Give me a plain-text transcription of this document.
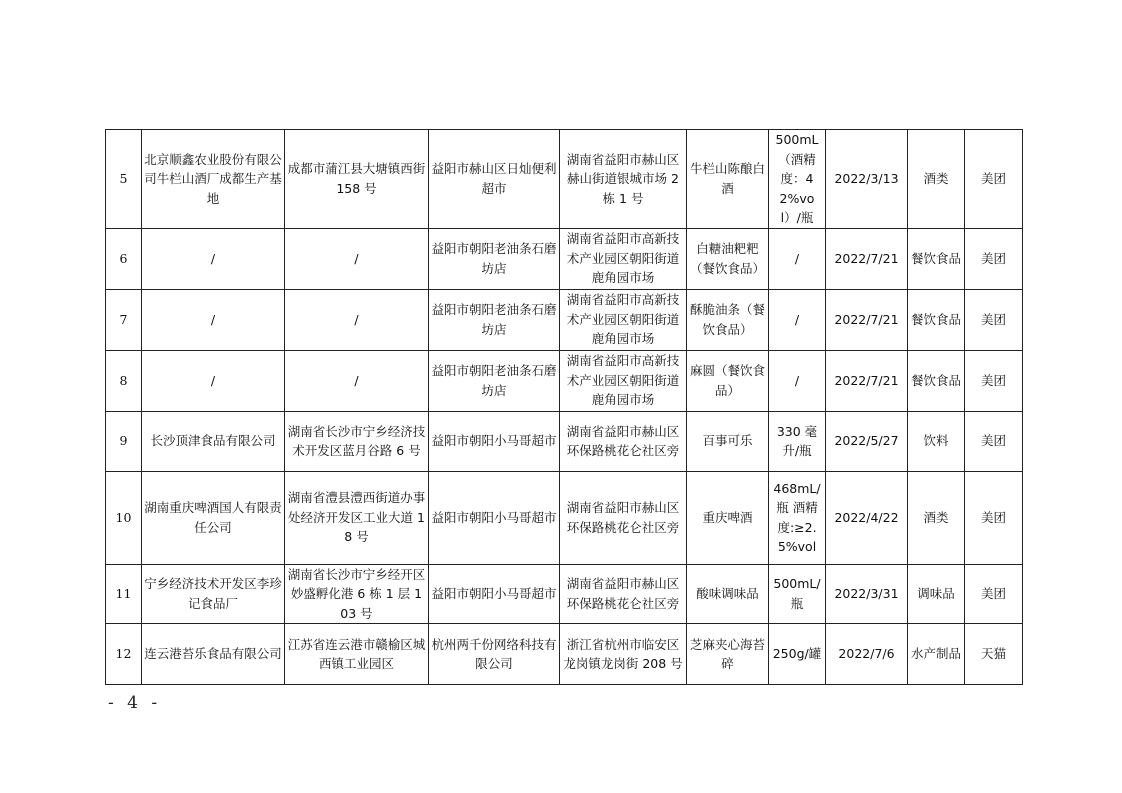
5	北京顺鑫农业股份有限公司牛栏山酒厂成都生产基地	成都市蒲江县大塘镇西街 158 号	益阳市赫山区日灿便利超市	湖南省益阳市赫山区赫山街道银城市场 2 栋 1 号	牛栏山陈酿白酒	500mL（酒精度：42%vol）/瓶	2022/3/13	酒类	美团
6	/	/	益阳市朝阳老油条石磨坊店	湖南省益阳市高新技术产业园区朝阳街道鹿角园市场	白糖油粑粑（餐饮食品）	/	2022/7/21	餐饮食品	美团
7	/	/	益阳市朝阳老油条石磨坊店	湖南省益阳市高新技术产业园区朝阳街道鹿角园市场	酥脆油条（餐饮食品）	/	2022/7/21	餐饮食品	美团
8	/	/	益阳市朝阳老油条石磨坊店	湖南省益阳市高新技术产业园区朝阳街道鹿角园市场	麻圆（餐饮食品）	/	2022/7/21	餐饮食品	美团
9	长沙顶津食品有限公司	湖南省长沙市宁乡经济技术开发区蓝月谷路 6 号	益阳市朝阳小马哥超市	湖南省益阳市赫山区环保路桃花仑社区旁	百事可乐	330 毫升/瓶	2022/5/27	饮料	美团
10	湖南重庆啤酒国人有限责任公司	湖南省澧县澧西街道办事处经济开发区工业大道 18 号	益阳市朝阳小马哥超市	湖南省益阳市赫山区环保路桃花仑社区旁	重庆啤酒	468mL/瓶 酒精度:≥2.5%vol	2022/4/22	酒类	美团
11	宁乡经济技术开发区李珍记食品厂	湖南省长沙市宁乡经开区妙盛孵化港 6 栋 1 层 103 号	益阳市朝阳小马哥超市	湖南省益阳市赫山区环保路桃花仑社区旁	酸味调味品	500mL/瓶	2022/3/31	调味品	美团
12	连云港苔乐食品有限公司	江苏省连云港市赣榆区城西镇工业园区	杭州两千份网络科技有限公司	浙江省杭州市临安区龙岗镇龙岗街 208 号	芝麻夹心海苔碎	250g/罐	2022/7/6	水产制品	天猫
- 4 -
